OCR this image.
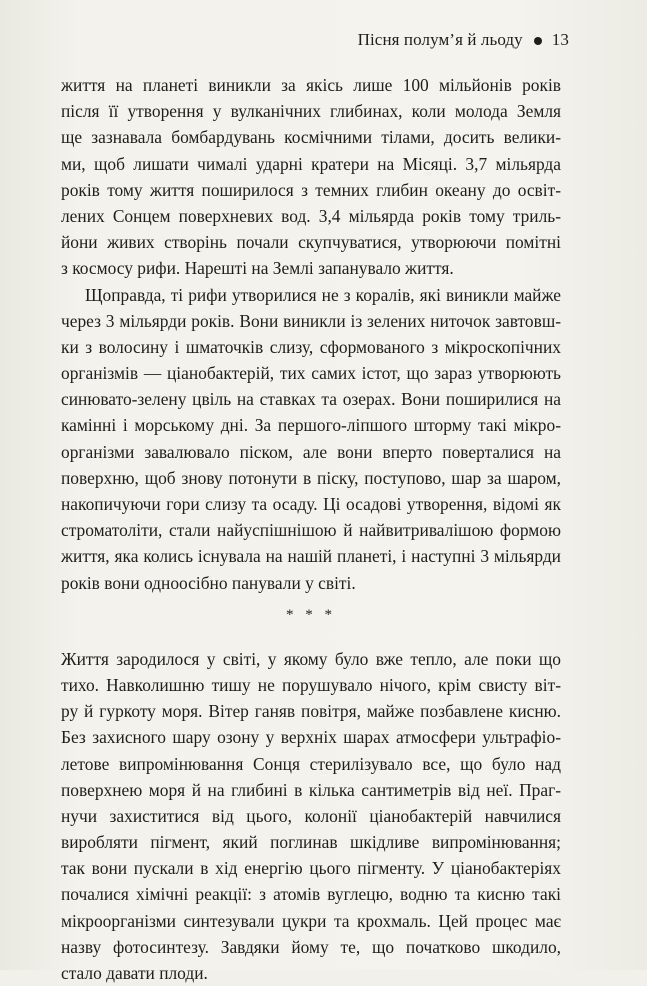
Пісня полум’я й льоду 13
життя на планеті виникли за якісь лише 100 мільйонів років
після її утворення у вулканічних глибинах, коли молода Земля
ще зазнавала бомбардувань космічними тілами, досить велики-
ми, щоб лишати чималі ударні кратери на Місяці. 3,7 мільярда
років тому життя поширилося з темних глибин океану до освіт-
лених Сонцем поверхневих вод. 3,4 мільярда років тому триль-
йони живих створінь почали скупчуватися, утворюючи помітні
з космосу рифи. Нарешті на Землі запанувало життя.
Щоправда, ті рифи утворилися не з коралів, які виникли майже
через 3 мільярди років. Вони виникли із зелених ниточок завтовш-
ки з волосину і шматочків слизу, сформованого з мікроскопічних
організмів — ціанобактерій, тих самих істот, що зараз утворюють
синювато-зелену цвіль на ставках та озерах. Вони поширилися на
камінні і морському дні. За першого-ліпшого шторму такі мікро-
організми завалювало піском, але вони вперто поверталися на
поверхню, щоб знову потонути в піску, поступово, шар за шаром,
накопичуючи гори слизу та осаду. Ці осадові утворення, відомі як
строматоліти, стали найуспішнішою й найвитривалішою формою
життя, яка колись існувала на нашій планеті, і наступні 3 мільярди
років вони одноосібно панували у світі.
* * *
Життя зародилося у світі, у якому було вже тепло, але поки що
тихо. Навколишню тишу не порушувало нічого, крім свисту віт-
ру й гуркоту моря. Вітер ганяв повітря, майже позбавлене кисню.
Без захисного шару озону у верхніх шарах атмосфери ультрафіо-
летове випромінювання Сонця стерилізувало все, що було над
поверхнею моря й на глибині в кілька сантиметрів від неї. Праг-
нучи захиститися від цього, колонії ціанобактерій навчилися
виробляти пігмент, який поглинав шкідливе випромінювання;
так вони пускали в хід енергію цього пігменту. У ціанобактеріях
почалися хімічні реакції: з атомів вуглецю, водню та кисню такі
мікроорганізми синтезували цукри та крохмаль. Цей процес має
назву фотосинтезу. Завдяки йому те, що початково шкодило,
стало давати плоди.
